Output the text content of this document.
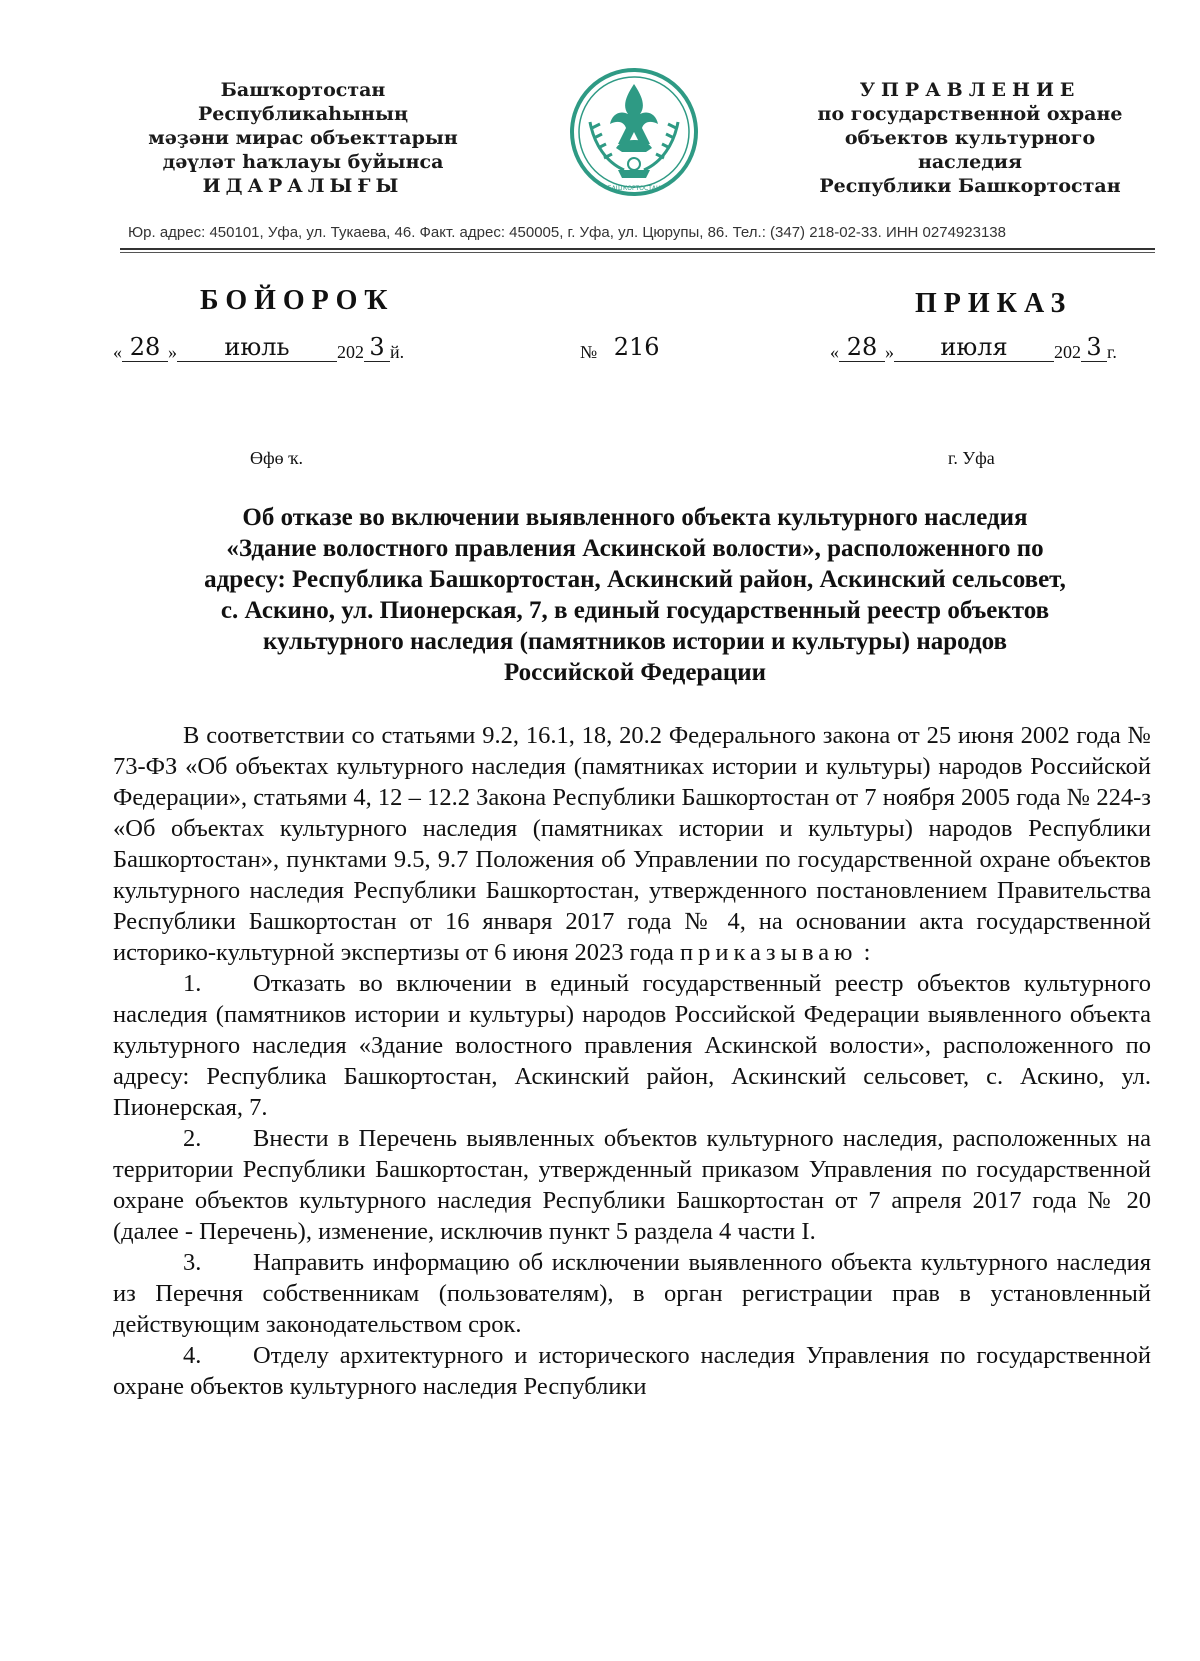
Башҡортостан Республикаһының
мәҙәни мирас объекттарын
дәүләт һаҡлауы буйынса
ИДАРАЛЫҒЫ	БАШҠОРТОСТАН
УПРАВЛЕНИЕ
по государственной охране
объектов культурного наследия
Республики Башкортостан
Юр. адрес: 450101, Уфа, ул. Тукаева, 46. Факт. адрес: 450005, г. Уфа, ул. Цюрупы, 86. Тел.: (347) 218-02-33. ИНН 0274923138
БОЙОРОҠ	ПРИКАЗ
« 28 » июль	202 3 й.	№ 216	« 28 » июля	202 3 г.
Өфө ҡ.	г. Уфа
Об отказе во включении выявленного объекта культурного наследия
«Здание волостного правления Аскинской волости», расположенного по
адресу: Республика Башкортостан, Аскинский район, Аскинский сельсовет,
с. Аскино, ул. Пионерская, 7, в единый государственный реестр объектов
культурного наследия (памятников истории и культуры) народов
Российской Федерации

В соответствии со статьями 9.2, 16.1, 18, 20.2 Федерального закона от 25 июня 2002 года № 73-ФЗ «Об объектах культурного наследия (памятниках истории и культуры) народов Российской Федерации», статьями 4, 12 – 12.2 Закона Республики Башкортостан от 7 ноября 2005 года № 224-з «Об объектах культурного наследия (памятниках истории и культуры) народов Республики Башкортостан», пунктами 9.5, 9.7 Положения об Управлении по государственной охране объектов культурного наследия Республики Башкортостан, утвержденного постановлением Правительства Республики Башкортостан от 16 января 2017 года № 4, на основании акта государственной историко-культурной экспертизы от 6 июня 2023 года приказываю :

1. Отказать во включении в единый государственный реестр объектов культурного наследия (памятников истории и культуры) народов Российской Федерации выявленного объекта культурного наследия «Здание волостного правления Аскинской волости», расположенного по адресу: Республика Башкортостан, Аскинский район, Аскинский сельсовет, с. Аскино, ул. Пионерская, 7.

2. Внести в Перечень выявленных объектов культурного наследия, расположенных на территории Республики Башкортостан, утвержденный приказом Управления по государственной охране объектов культурного наследия Республики Башкортостан от 7 апреля 2017 года № 20 (далее - Перечень), изменение, исключив пункт 5 раздела 4 части I.

3. Направить информацию об исключении выявленного объекта культурного наследия из Перечня собственникам (пользователям), в орган регистрации прав в установленный действующим законодательством срок.

4. Отделу архитектурного и исторического наследия Управления по государственной охране объектов культурного наследия Республики
